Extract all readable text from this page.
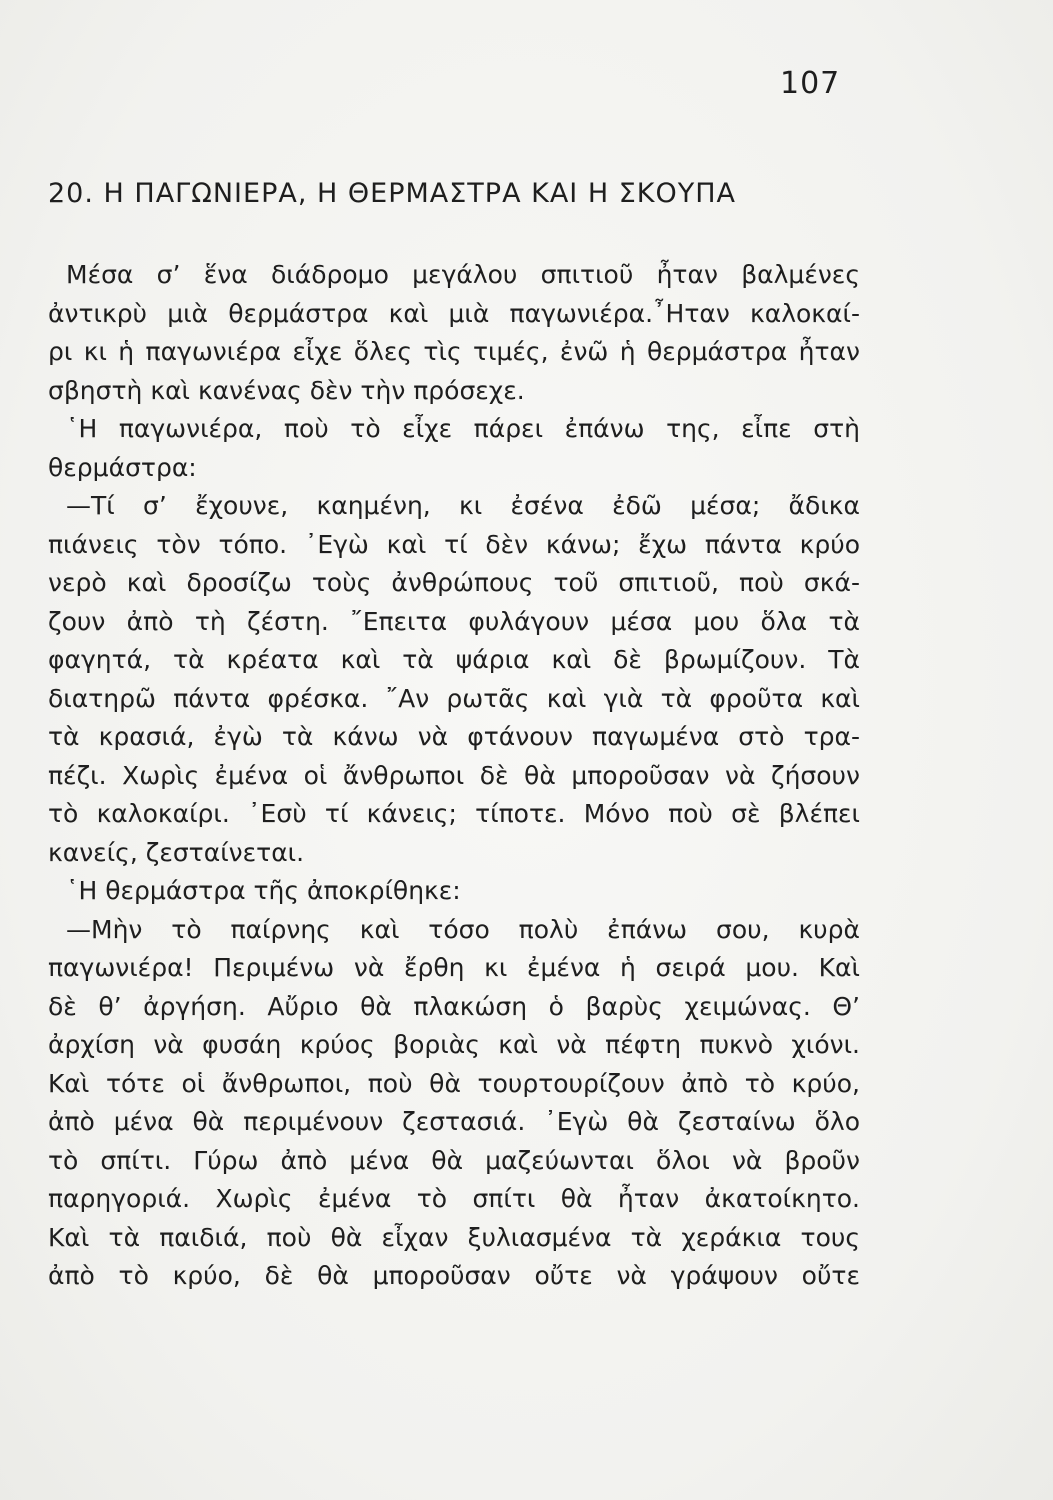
107
20. Η ΠΑΓΩΝΙΕΡΑ, Η ΘΕΡΜΑΣΤΡΑ ΚΑΙ Η ΣΚΟΥΠΑ
Μέσα σ’ ἕνα διάδρομο μεγάλου σπιτιοῦ ἦταν βαλμένες
ἀντικρὺ μιὰ θερμάστρα καὶ μιὰ παγωνιέρα.῏Ηταν καλοκαί-
ρι κι ἡ παγωνιέρα εἶχε ὅλες τὶς τιμές, ἐνῶ ἡ θερμάστρα ἦταν
σβηστὴ καὶ κανένας δὲν τὴν πρόσεχε.
῾Η παγωνιέρα, ποὺ τὸ εἶχε πάρει ἐπάνω της, εἶπε στὴ
θερμάστρα:
—Τί σ’ ἔχουνε, καημένη, κι ἐσένα ἐδῶ μέσα; ἄδικα
πιάνεις τὸν τόπο. ᾿Εγὼ καὶ τί δὲν κάνω; ἔχω πάντα κρύο
νερὸ καὶ δροσίζω τοὺς ἀνθρώπους τοῦ σπιτιοῦ, ποὺ σκά-
ζουν ἀπὸ τὴ ζέστη. ῎Επειτα φυλάγουν μέσα μου ὅλα τὰ
φαγητά, τὰ κρέατα καὶ τὰ ψάρια καὶ δὲ βρωμίζουν. Τὰ
διατηρῶ πάντα φρέσκα. ῎Αν ρωτᾶς καὶ γιὰ τὰ φροῦτα καὶ
τὰ κρασιά, ἐγὼ τὰ κάνω νὰ φτάνουν παγωμένα στὸ τρα-
πέζι. Χωρὶς ἐμένα οἱ ἄνθρωποι δὲ θὰ μποροῦσαν νὰ ζήσουν
τὸ καλοκαίρι. ᾿Εσὺ τί κάνεις; τίποτε. Μόνο ποὺ σὲ βλέπει
κανείς, ζεσταίνεται.
῾Η θερμάστρα τῆς ἀποκρίθηκε:
—Μὴν τὸ παίρνης καὶ τόσο πολὺ ἐπάνω σου, κυρὰ
παγωνιέρα! Περιμένω νὰ ἔρθη κι ἐμένα ἡ σειρά μου. Καὶ
δὲ θ’ ἀργήση. Αὔριο θὰ πλακώση ὁ βαρὺς χειμώνας. Θ’
ἀρχίση νὰ φυσάη κρύος βοριὰς καὶ νὰ πέφτη πυκνὸ χιόνι.
Καὶ τότε οἱ ἄνθρωποι, ποὺ θὰ τουρτουρίζουν ἀπὸ τὸ κρύο,
ἀπὸ μένα θὰ περιμένουν ζεστασιά. ᾿Εγὼ θὰ ζεσταίνω ὅλο
τὸ σπίτι. Γύρω ἀπὸ μένα θὰ μαζεύωνται ὅλοι νὰ βροῦν
παρηγοριά. Χωρὶς ἐμένα τὸ σπίτι θὰ ἦταν ἀκατοίκητο.
Καὶ τὰ παιδιά, ποὺ θὰ εἶχαν ξυλιασμένα τὰ χεράκια τους
ἀπὸ τὸ κρύο, δὲ θὰ μποροῦσαν οὔτε νὰ γράψουν οὔτε
